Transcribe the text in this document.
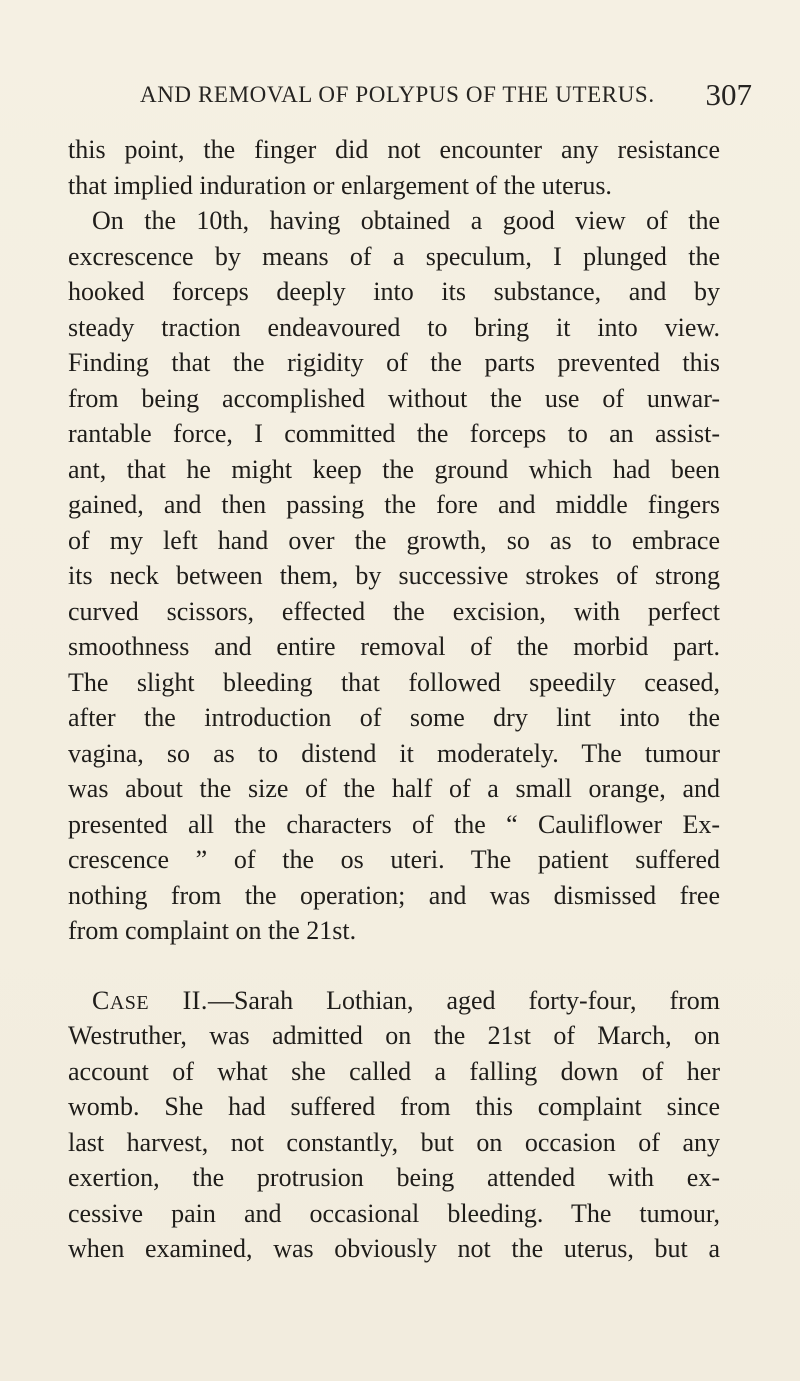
AND REMOVAL OF POLYPUS OF THE UTERUS. 307
this point, the finger did not encounter any resistance
that implied induration or enlargement of the uterus.
On the 10th, having obtained a good view of the
excrescence by means of a speculum, I plunged the
hooked forceps deeply into its substance, and by
steady traction endeavoured to bring it into view.
Finding that the rigidity of the parts prevented this
from being accomplished without the use of unwar-
rantable force, I committed the forceps to an assist-
ant, that he might keep the ground which had been
gained, and then passing the fore and middle fingers
of my left hand over the growth, so as to embrace
its neck between them, by successive strokes of strong
curved scissors, effected the excision, with perfect
smoothness and entire removal of the morbid part.
The slight bleeding that followed speedily ceased,
after the introduction of some dry lint into the
vagina, so as to distend it moderately. The tumour
was about the size of the half of a small orange, and
presented all the characters of the “ Cauliflower Ex-
crescence ” of the os uteri. The patient suffered
nothing from the operation; and was dismissed free
from complaint on the 21st.
CASE II.—Sarah Lothian, aged forty-four, from
Westruther, was admitted on the 21st of March, on
account of what she called a falling down of her
womb. She had suffered from this complaint since
last harvest, not constantly, but on occasion of any
exertion, the protrusion being attended with ex-
cessive pain and occasional bleeding. The tumour,
when examined, was obviously not the uterus, but a
